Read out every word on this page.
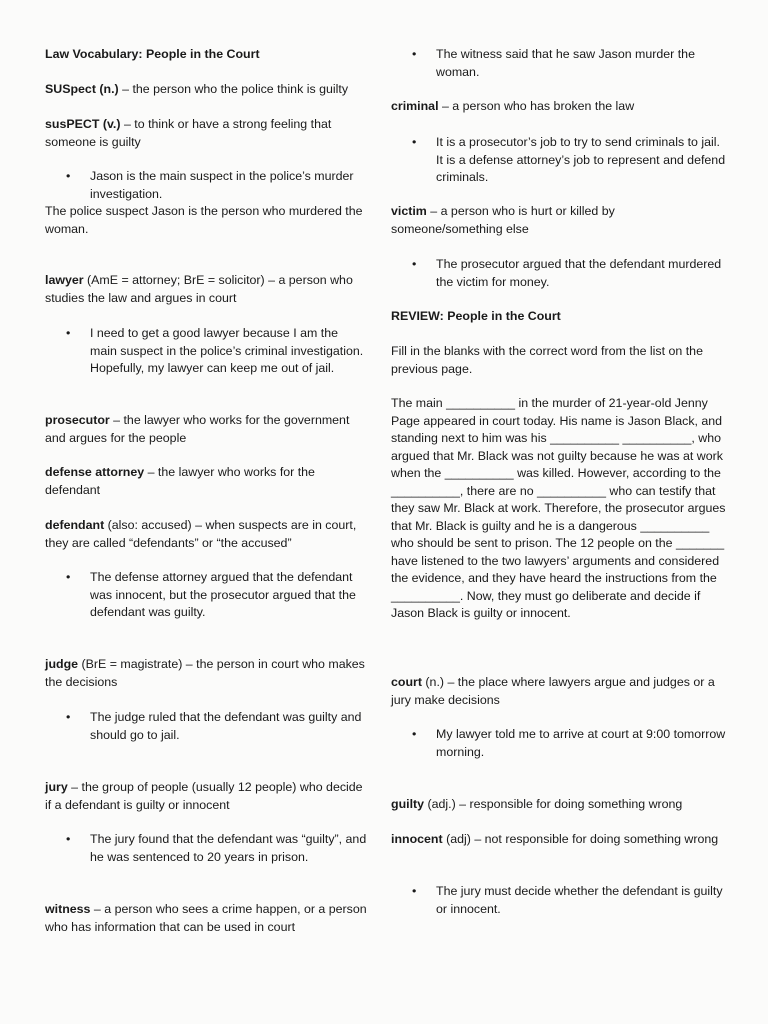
Law Vocabulary: People in the Court

SUSpect (n.) – the person who the police think is guilty

susPECT (v.) – to think or have a strong feeling that someone is guilty

• Jason is the main suspect in the police’s murder investigation.

The police suspect Jason is the person who murdered the woman.

lawyer (AmE = attorney; BrE = solicitor) – a person who studies the law and argues in court

• I need to get a good lawyer because I am the main suspect in the police’s criminal investigation. Hopefully, my lawyer can keep me out of jail.

prosecutor – the lawyer who works for the government and argues for the people

defense attorney – the lawyer who works for the defendant

defendant (also: accused) – when suspects are in court, they are called “defendants” or “the accused”

• The defense attorney argued that the defendant was innocent, but the prosecutor argued that the defendant was guilty.

judge (BrE = magistrate) – the person in court who makes the decisions

• The judge ruled that the defendant was guilty and should go to jail.

jury – the group of people (usually 12 people) who decide if a defendant is guilty or innocent

• The jury found that the defendant was “guilty”, and he was sentenced to 20 years in prison.

witness – a person who sees a crime happen, or a person who has information that can be used in court

• The witness said that he saw Jason murder the woman.

criminal – a person who has broken the law

• It is a prosecutor’s job to try to send criminals to jail. It is a defense attorney’s job to represent and defend criminals.

victim – a person who is hurt or killed by someone/something else

• The prosecutor argued that the defendant murdered the victim for money.

REVIEW: People in the Court

Fill in the blanks with the correct word from the list on the previous page.

The main __________ in the murder of 21-year-old Jenny Page appeared in court today. His name is Jason Black, and standing next to him was his __________ __________, who argued that Mr. Black was not guilty because he was at work when the __________ was killed. However, according to the __________, there are no __________ who can testify that they saw Mr. Black at work. Therefore, the prosecutor argues that Mr. Black is guilty and he is a dangerous __________ who should be sent to prison. The 12 people on the _______ have listened to the two lawyers’ arguments and considered the evidence, and they have heard the instructions from the __________. Now, they must go deliberate and decide if Jason Black is guilty or innocent.

court (n.) – the place where lawyers argue and judges or a jury make decisions

• My lawyer told me to arrive at court at 9:00 tomorrow morning.

guilty (adj.) – responsible for doing something wrong

innocent (adj) – not responsible for doing something wrong

• The jury must decide whether the defendant is guilty or innocent.
